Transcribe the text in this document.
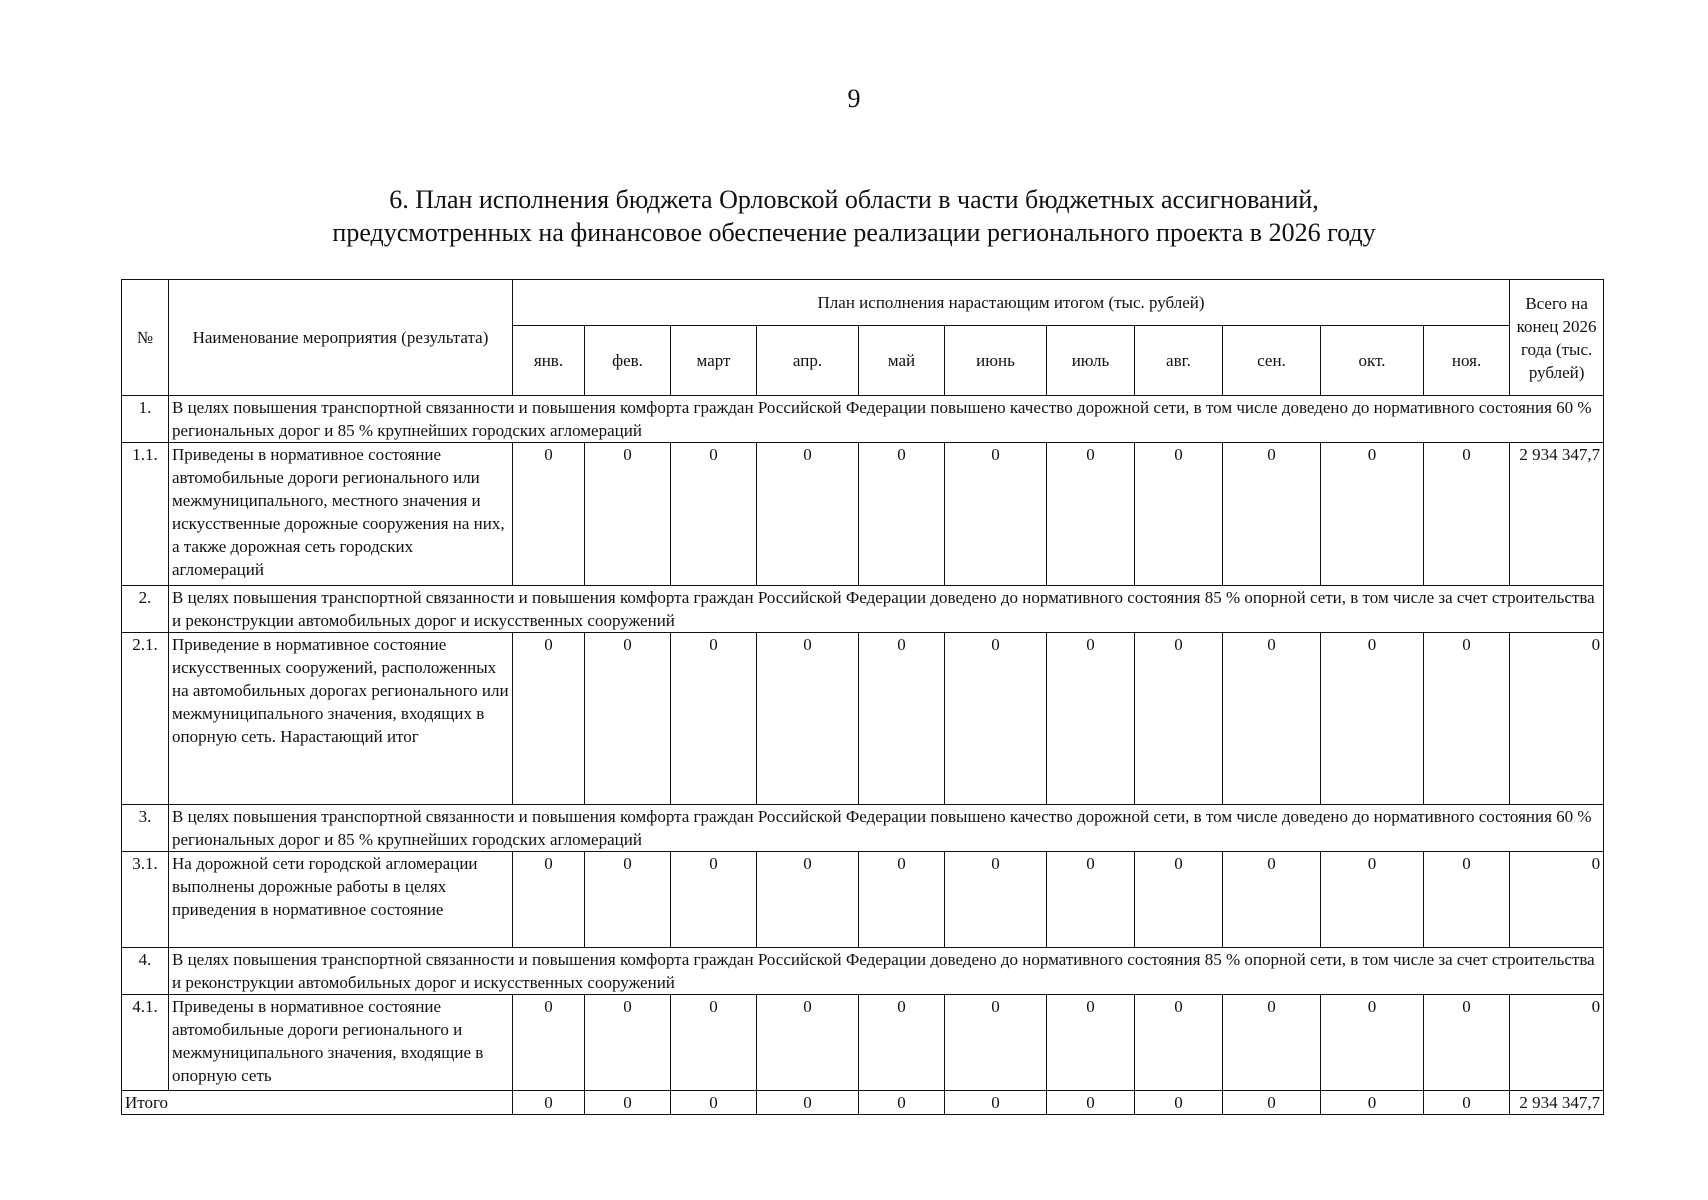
9
6. План исполнения бюджета Орловской области в части бюджетных ассигнований,
предусмотренных на финансовое обеспечение реализации регионального проекта в 2026 году
№	Наименование мероприятия (результата)	План исполнения нарастающим итогом (тыс. рублей)											Всего на конец 2026 года (тыс. рублей)
		янв.	фев.	март	апр.	май	июнь	июль	авг.	сен.	окт.	ноя.	
1.	В целях повышения транспортной связанности и повышения комфорта граждан Российской Федерации повышено качество дорожной сети, в том числе доведено до нормативного состояния 60 % региональных дорог и 85 % крупнейших городских агломераций												
1.1.	Приведены в нормативное состояние автомобильные дороги регионального или межмуниципального, местного значения и искусственные дорожные сооружения на них, а также дорожная сеть городских агломераций	0	0	0	0	0	0	0	0	0	0	0	2 934 347,7
2.	В целях повышения транспортной связанности и повышения комфорта граждан Российской Федерации доведено до нормативного состояния 85 % опорной сети, в том числе за счет строительства и реконструкции автомобильных дорог и искусственных сооружений												
2.1.	Приведение в нормативное состояние искусственных сооружений, расположенных на автомобильных дорогах регионального или межмуниципального значения, входящих в опорную сеть. Нарастающий итог	0	0	0	0	0	0	0	0	0	0	0	0
3.	В целях повышения транспортной связанности и повышения комфорта граждан Российской Федерации повышено качество дорожной сети, в том числе доведено до нормативного состояния 60 % региональных дорог и 85 % крупнейших городских агломераций												
3.1.	На дорожной сети городской агломерации выполнены дорожные работы в целях приведения в нормативное состояние	0	0	0	0	0	0	0	0	0	0	0	0
4.	В целях повышения транспортной связанности и повышения комфорта граждан Российской Федерации доведено до нормативного состояния 85 % опорной сети, в том числе за счет строительства и реконструкции автомобильных дорог и искусственных сооружений												
4.1.	Приведены в нормативное состояние автомобильные дороги регионального и межмуниципального значения, входящие в опорную сеть	0	0	0	0	0	0	0	0	0	0	0	0
Итого		0	0	0	0	0	0	0	0	0	0	0	2 934 347,7
